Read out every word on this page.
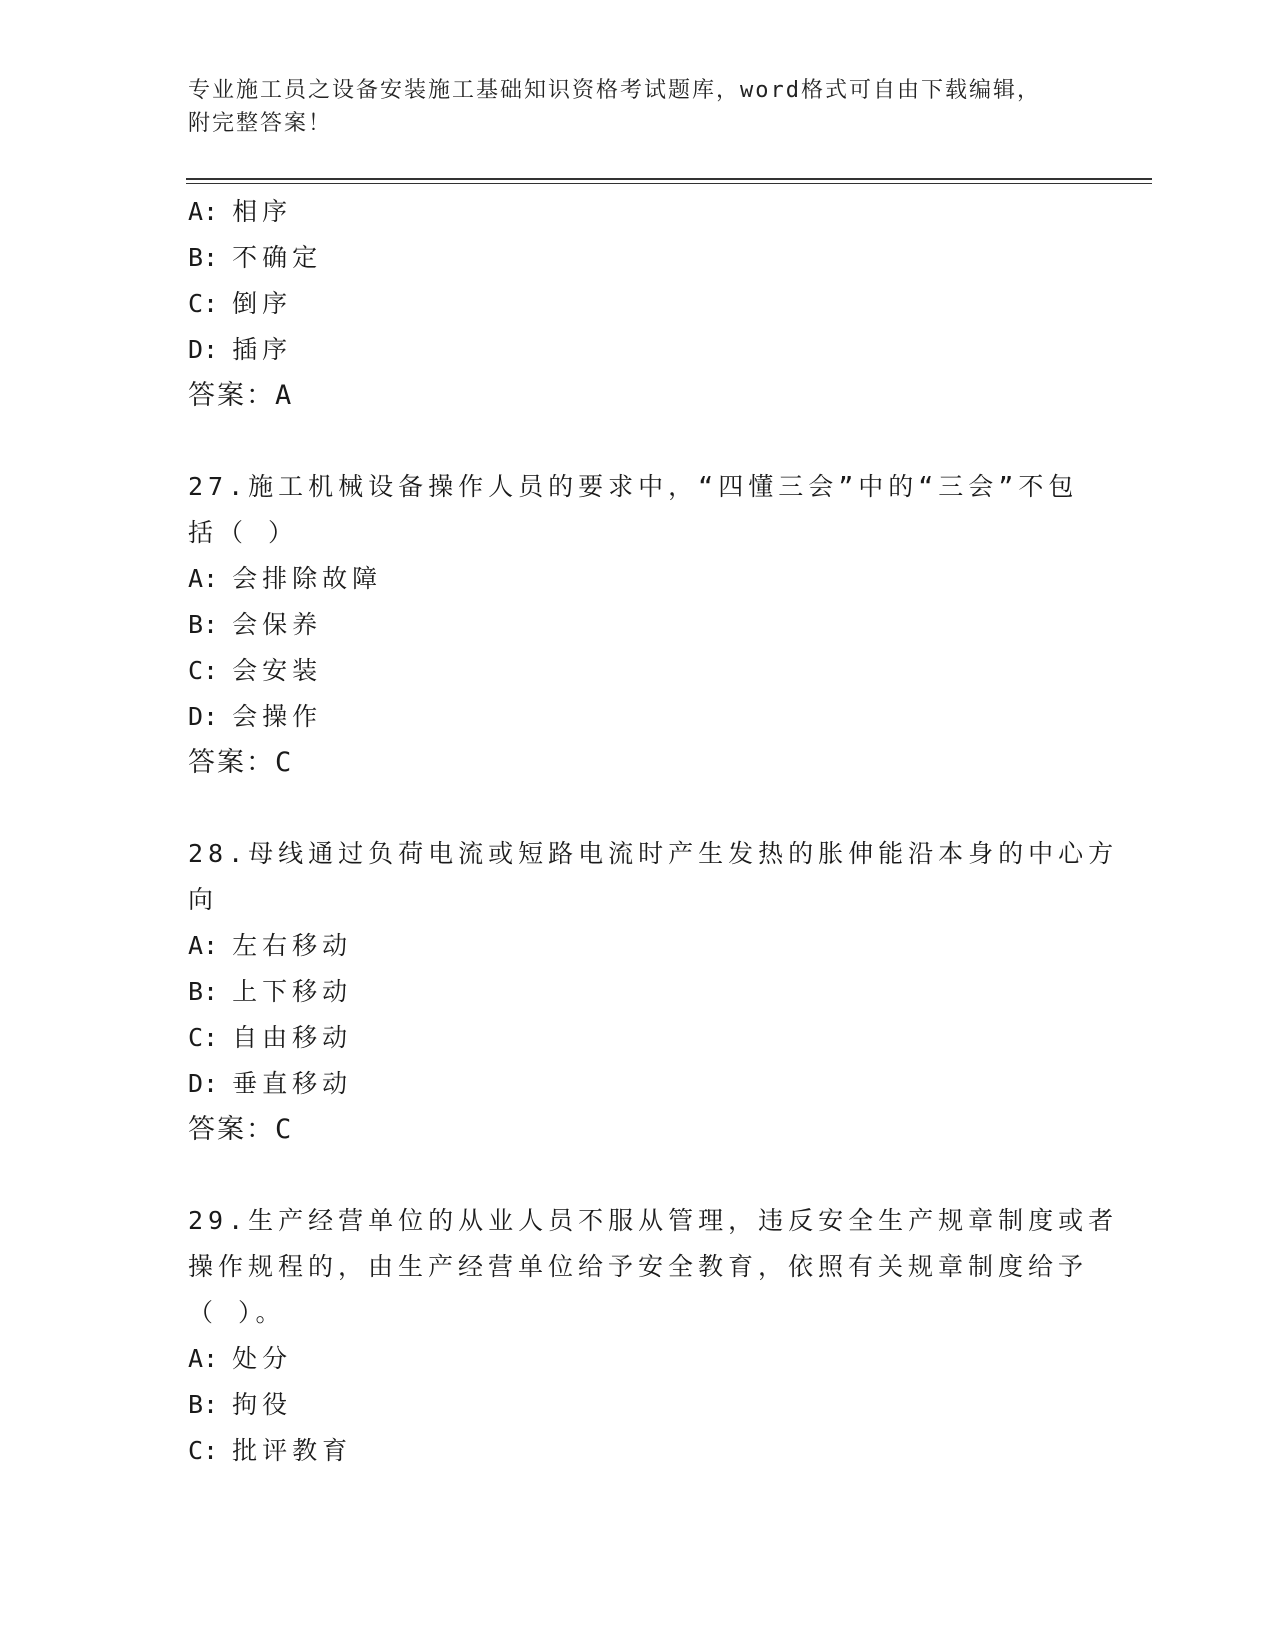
专业施工员之设备安装施工基础知识资格考试题库，word格式可自由下载编辑，
附完整答案！
A: 相序
B: 不确定
C: 倒序
D: 插序
答案：A
27.施工机械设备操作人员的要求中，“四懂三会”中的“三会”不包
括（ ）
A: 会排除故障
B: 会保养
C: 会安装
D: 会操作
答案：C
28.母线通过负荷电流或短路电流时产生发热的胀伸能沿本身的中心方
向
A: 左右移动
B: 上下移动
C: 自由移动
D: 垂直移动
答案：C
29.生产经营单位的从业人员不服从管理，违反安全生产规章制度或者
操作规程的，由生产经营单位给予安全教育，依照有关规章制度给予
（ ）。
A: 处分
B: 拘役
C: 批评教育
